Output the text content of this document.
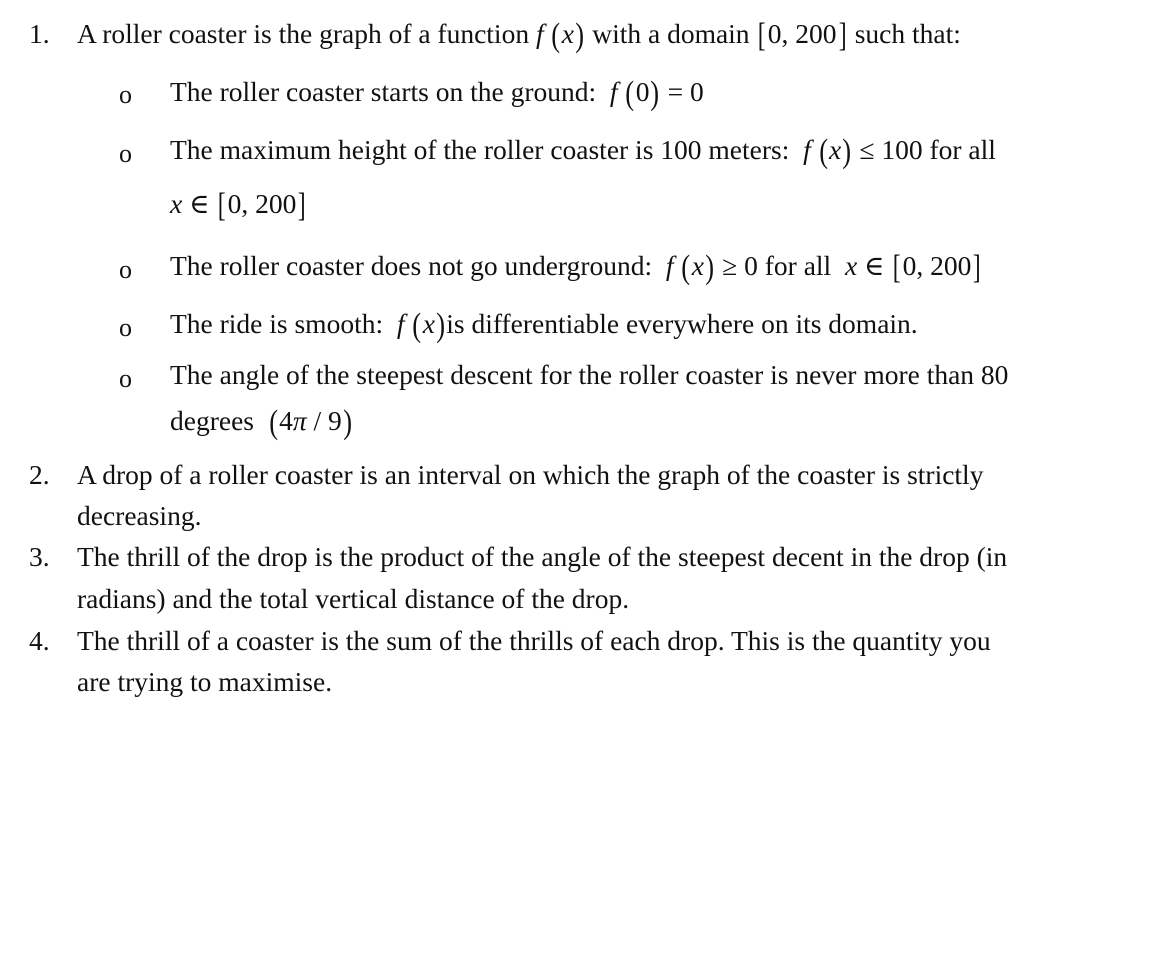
1. A roller coaster is the graph of a function f (x) with a domain [0, 200] such that:
o The roller coaster starts on the ground: f (0) = 0
o The maximum height of the roller coaster is 100 meters: f (x) ≤ 100 for all
x ∈ [0, 200]
o The roller coaster does not go underground: f (x) ≥ 0 for all x ∈ [0, 200]
o The ride is smooth: f (x)is differentiable everywhere on its domain.
o The angle of the steepest descent for the roller coaster is never more than 80
degrees (4π / 9)
2. A drop of a roller coaster is an interval on which the graph of the coaster is strictly
decreasing.
3. The thrill of the drop is the product of the angle of the steepest decent in the drop (in
radians) and the total vertical distance of the drop.
4. The thrill of a coaster is the sum of the thrills of each drop. This is the quantity you
are trying to maximise.
